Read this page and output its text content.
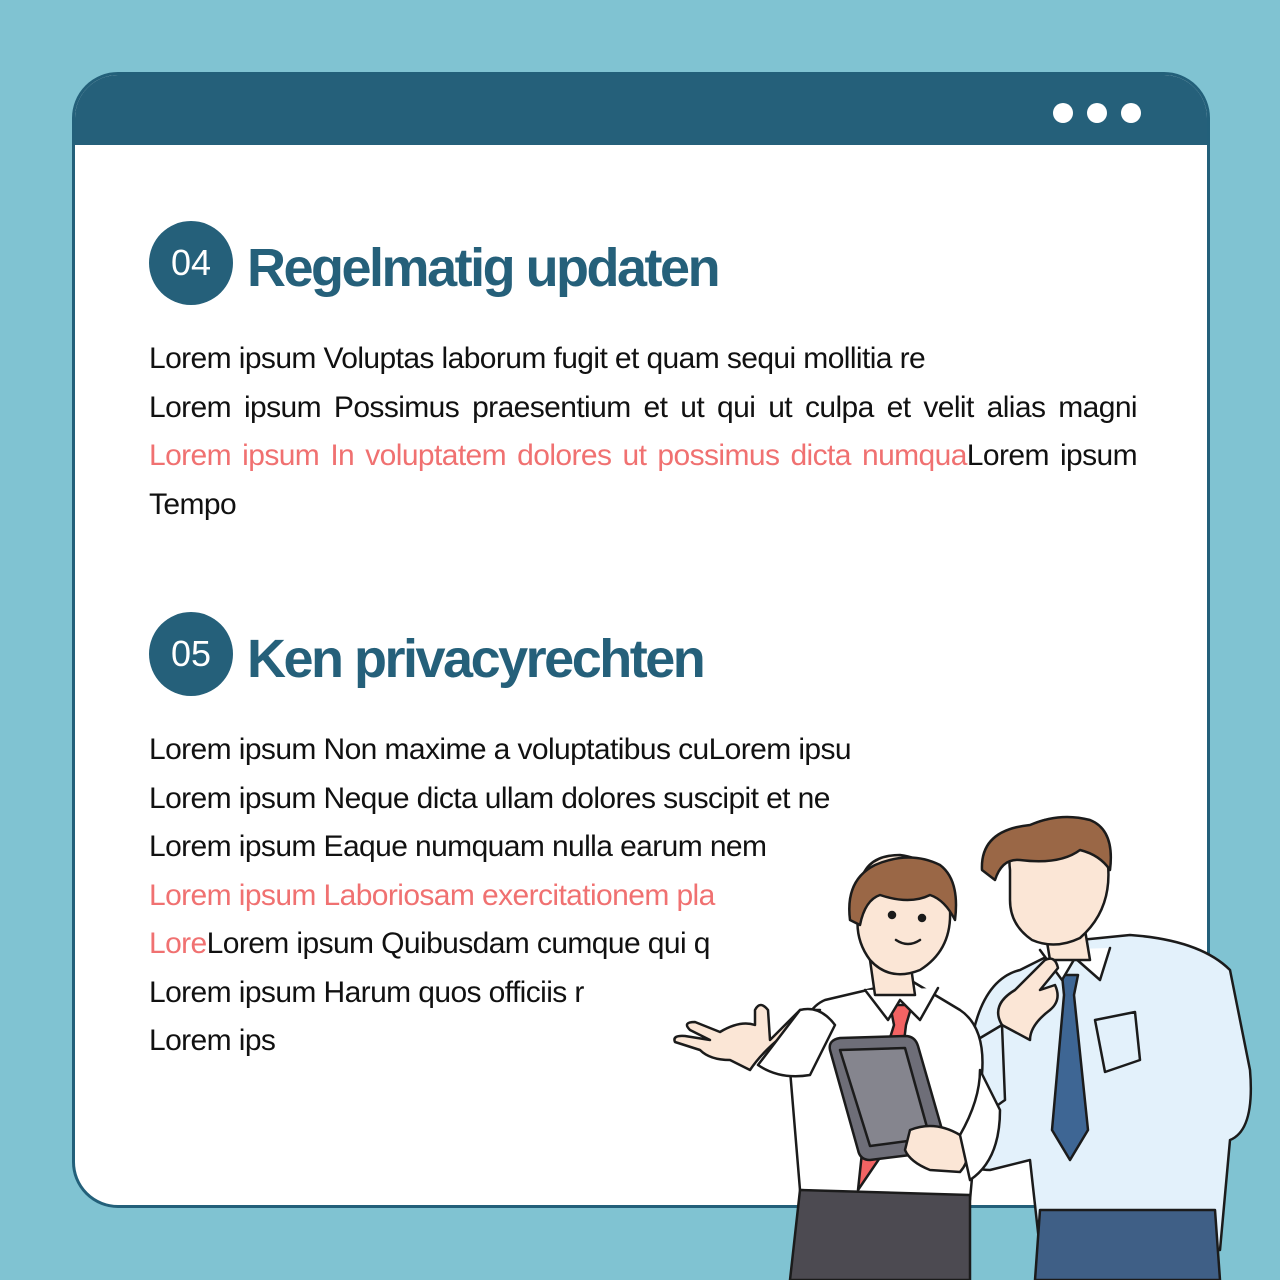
04 Regelmatig updaten
Lorem ipsum Voluptas laborum fugit et quam sequi mollitia re
Lorem ipsum Possimus praesentium et ut qui ut culpa et velit alias magni Lorem ipsum In voluptatem dolores ut possimus dicta numquaLorem ipsum Tempo
05 Ken privacyrechten
Lorem ipsum Non maxime a voluptatibus cuLorem ipsu
Lorem ipsum Neque dicta ullam dolores suscipit et ne
Lorem ipsum Eaque numquam nulla earum nem
Lorem ipsum Laboriosam exercitationem pla
LoreLorem ipsum Quibusdam cumque qui q
Lorem ipsum Harum quos officiis r
Lorem ips
